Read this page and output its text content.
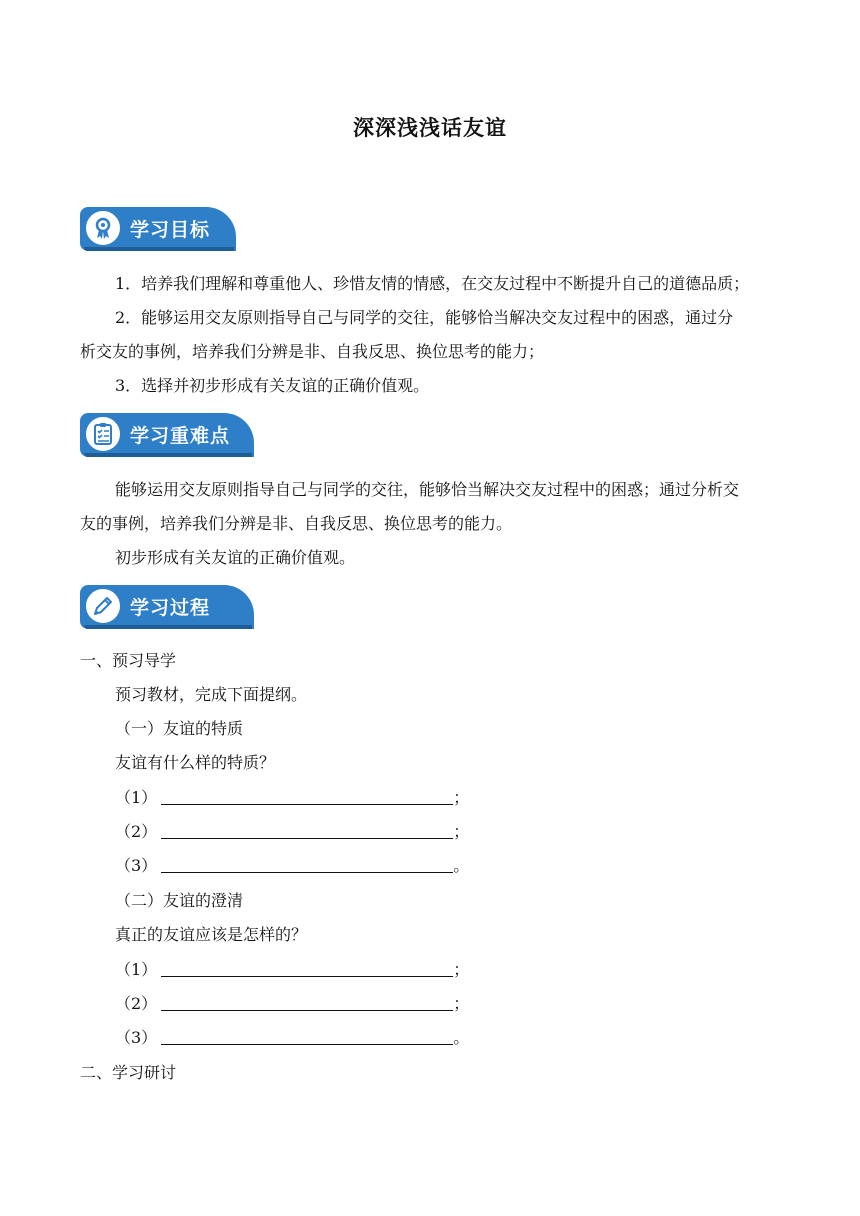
深深浅浅话友谊
学习目标
1．培养我们理解和尊重他人、珍惜友情的情感，在交友过程中不断提升自己的道德品质；
2．能够运用交友原则指导自己与同学的交往，能够恰当解决交友过程中的困惑，通过分
析交友的事例，培养我们分辨是非、自我反思、换位思考的能力；
3．选择并初步形成有关友谊的正确价值观。
学习重难点
能够运用交友原则指导自己与同学的交往，能够恰当解决交友过程中的困惑；通过分析交
友的事例，培养我们分辨是非、自我反思、换位思考的能力。
初步形成有关友谊的正确价值观。
学习过程
一、预习导学
预习教材，完成下面提纲。
（一）友谊的特质
友谊有什么样的特质？
（1）	；
（2）	；
（3）	。
（二）友谊的澄清
真正的友谊应该是怎样的？
（1）	；
（2）	；
（3）	。
二、学习研讨
